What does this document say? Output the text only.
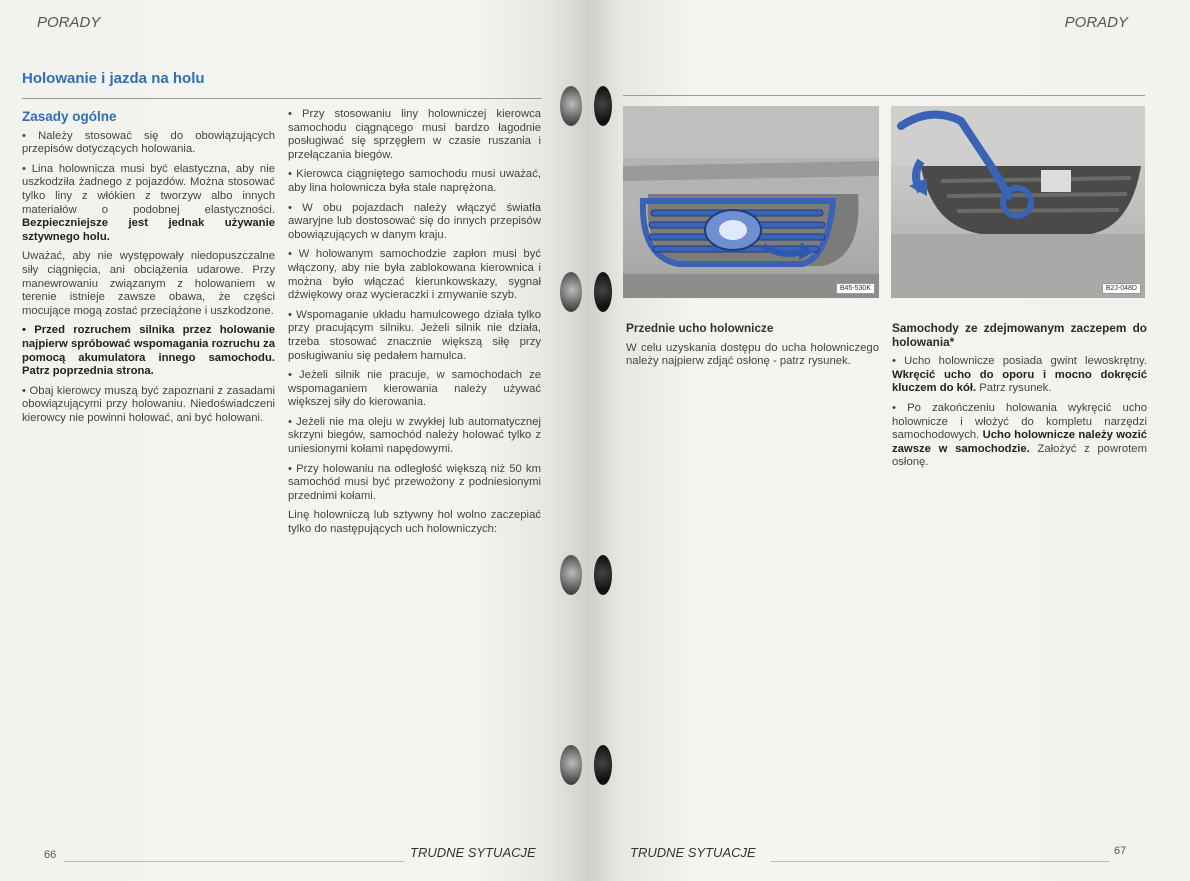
PORADY
Holowanie i jazda na holu
Zasady ogólne

• Należy stosować się do obowiązujących przepisów dotyczących holowania.

• Lina holownicza musi być elastyczna, aby nie uszkodziła żadnego z pojazdów. Można stosować tylko liny z włókien z tworzyw albo innych materiałów o podobnej elastyczności. Bezpieczniejsze jest jednak używanie sztywnego holu.

Uważać, aby nie występowały niedopuszczalne siły ciągnięcia, ani obciążenia udarowe. Przy manewrowaniu związanym z holowaniem w terenie istnieje zawsze obawa, że części mocujące mogą zostać przeciążone i uszkodzone.

• Przed rozruchem silnika przez holowanie najpierw spróbować wspomagania rozruchu za pomocą akumulatora innego samochodu. Patrz poprzednia strona.

• Obaj kierowcy muszą być zapoznani z zasadami obowiązującymi przy holowaniu. Niedoświadczeni kierowcy nie powinni holować, ani być holowani.

• Przy stosowaniu liny holowniczej kierowca samochodu ciągnącego musi bardzo łagodnie posługiwać się sprzęgłem w czasie ruszania i przełączania biegów.

• Kierowca ciągniętego samochodu musi uważać, aby lina holownicza była stale naprężona.

• W obu pojazdach należy włączyć światła awaryjne lub dostosować się do innych przepisów obowiązujących w danym kraju.

• W holowanym samochodzie zapłon musi być włączony, aby nie była zablokowana kierownica i można było włączać kierunkowskazy, sygnał dźwiękowy oraz wycieraczki i zmywanie szyb.

• Wspomaganie układu hamulcowego działa tylko przy pracującym silniku. Jeżeli silnik nie działa, trzeba stosować znacznie większą siłę przy posługiwaniu się pedałem hamulca.

• Jeżeli silnik nie pracuje, w samochodach ze wspomaganiem kierowania należy używać większej siły do kierowania.

• Jeżeli nie ma oleju w zwykłej lub automatycznej skrzyni biegów, samochód należy holować tylko z uniesionymi kołami napędowymi.

• Przy holowaniu na odległość większą niż 50 km samochód musi być przewożony z podniesionymi przednimi kołami.

Linę holowniczą lub sztywny hol wolno zaczepiać tylko do następujących uch holowniczych:

66	TRUDNE SYTUACJE
PORADY
B45-530K	B2J-048D
Przednie ucho holownicze

W celu uzyskania dostępu do ucha holowniczego należy najpierw zdjąć osłonę - patrz rysunek.

Samochody ze zdejmowanym zaczepem do holowania*

• Ucho holownicze posiada gwint lewoskrętny. Wkręcić ucho do oporu i mocno dokręcić kluczem do kół. Patrz rysunek.

• Po zakończeniu holowania wykręcić ucho holownicze i włożyć do kompletu narzędzi samochodowych. Ucho holownicze należy wozić zawsze w samochodzie. Założyć z powrotem osłonę.

TRUDNE SYTUACJE	67
